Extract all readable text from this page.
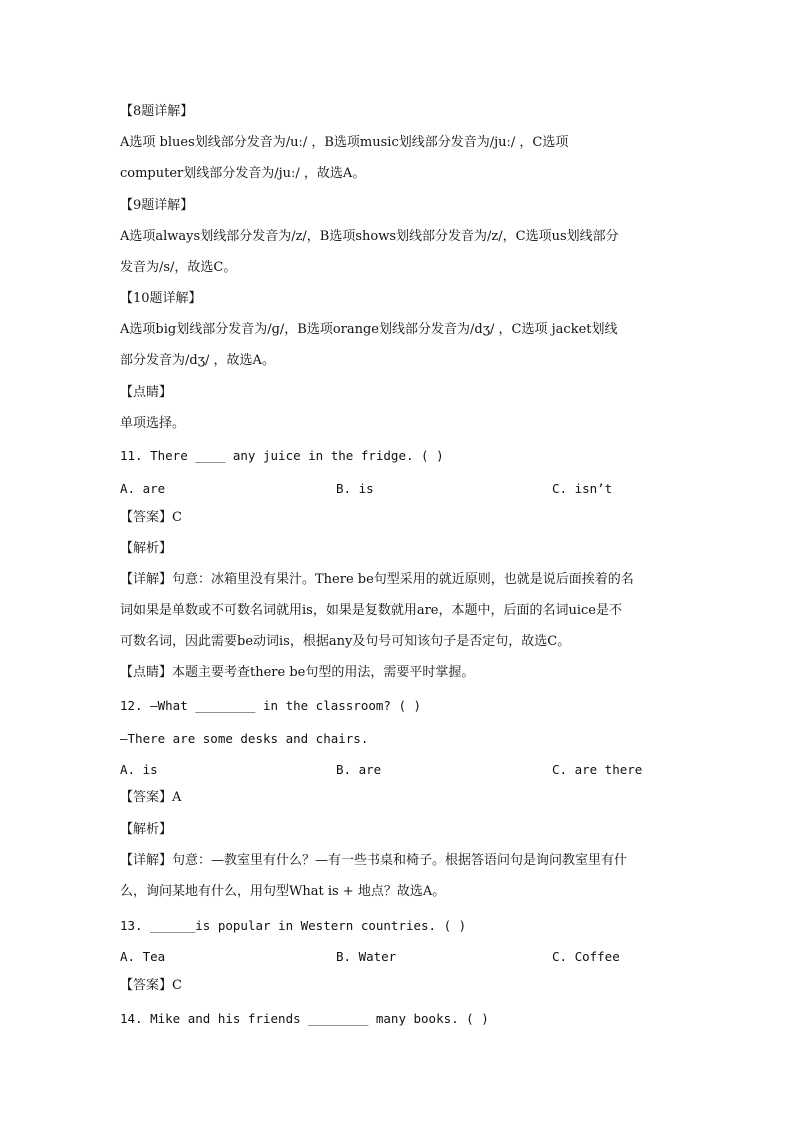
【8题详解】
A选项 blues划线部分发音为/uː/ ，B选项music划线部分发音为/juː/ ，C选项
computer划线部分发音为/juː/ ，故选A。
【9题详解】
A选项always划线部分发音为/z/，B选项shows划线部分发音为/z/，C选项us划线部分
发音为/s/，故选C。
【10题详解】
A选项big划线部分发音为/ɡ/，B选项orange划线部分发音为/dʒ/ ，C选项 jacket划线
部分发音为/dʒ/ ，故选A。
【点睛】
单项选择。
11. There ____ any juice in the fridge. ( )
A. are	B. is	C. isn’t
【答案】C
【解析】
【详解】句意：冰箱里没有果汁。There be句型采用的就近原则，也就是说后面挨着的名
词如果是单数或不可数名词就用is，如果是复数就用are，本题中，后面的名词uice是不
可数名词，因此需要be动词is，根据any及句号可知该句子是否定句，故选C。
【点睛】本题主要考查there be句型的用法，需要平时掌握。
12. —What ________ in the classroom? ( )
—There are some desks and chairs.
A. is	B. are	C. are there
【答案】A
【解析】
【详解】句意：—教室里有什么？—有一些书桌和椅子。根据答语问句是询问教室里有什
么，询问某地有什么，用句型What is + 地点？故选A。
13. ______is popular in Western countries. ( )
A. Tea	B. Water	C. Coffee
【答案】C
14. Mike and his friends ________ many books. ( )
